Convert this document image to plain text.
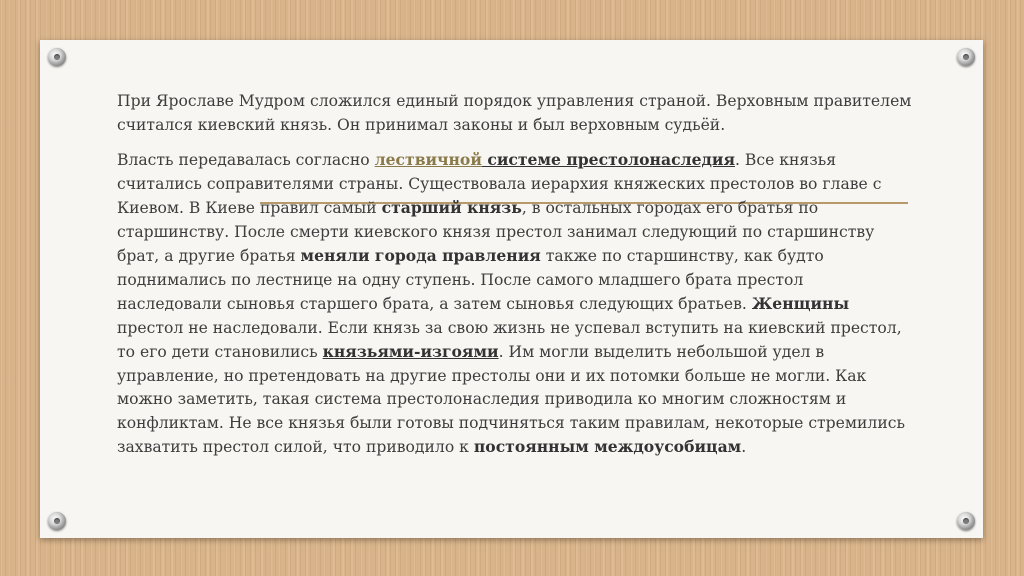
При Ярославе Мудром сложился единый порядок управления страной. Верховным правителем считался киевский князь. Он принимал законы и был верховным судьёй.

Власть передавалась согласно лествичной системе престолонаследия. Все князья считались соправителями страны. Существовала иерархия княжеских престолов во главе с Киевом. В Киеве правил самый старший князь, в остальных городах его братья по старшинству. После смерти киевского князя престол занимал следующий по старшинству брат, а другие братья меняли города правления также по старшинству, как будто поднимались по лестнице на одну ступень. После самого младшего брата престол наследовали сыновья старшего брата, а затем сыновья следующих братьев. Женщины престол не наследовали. Если князь за свою жизнь не успевал вступить на киевский престол, то его дети становились князьями-изгоями. Им могли выделить небольшой удел в управление, но претендовать на другие престолы они и их потомки больше не могли. Как можно заметить, такая система престолонаследия приводила ко многим сложностям и конфликтам. Не все князья были готовы подчиняться таким правилам, некоторые стремились захватить престол силой, что приводило к постоянным междоусобицам.
